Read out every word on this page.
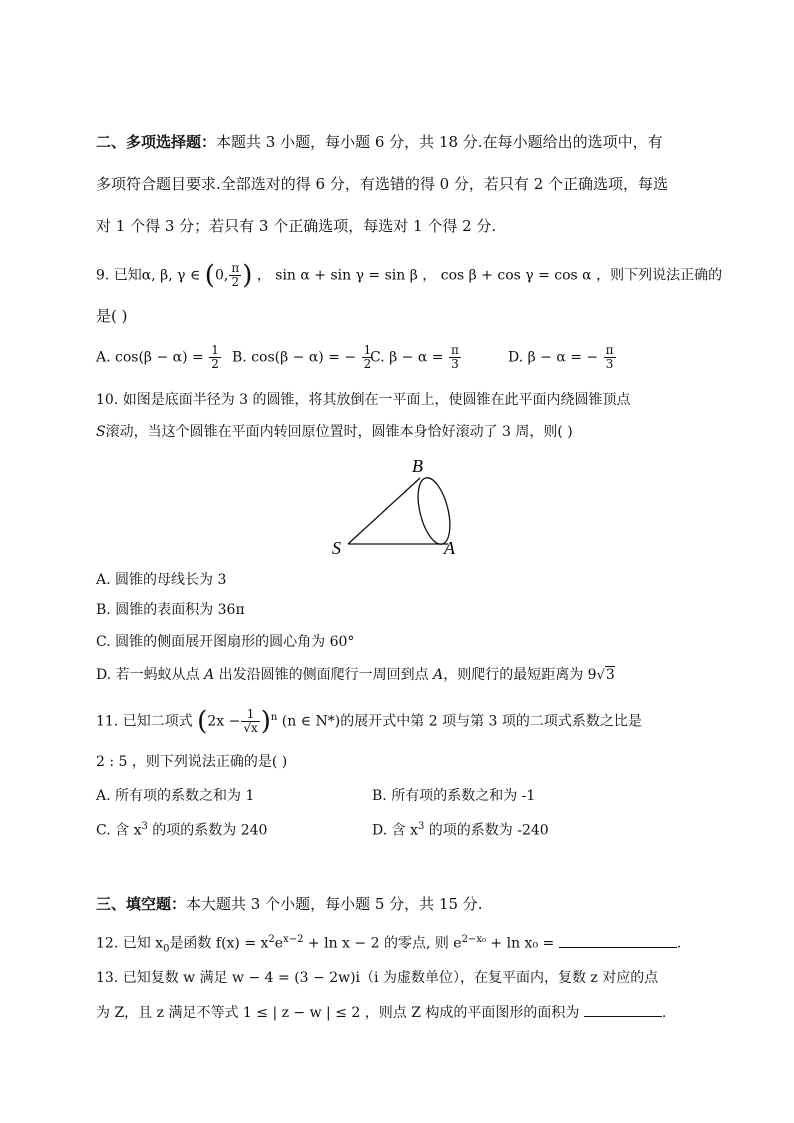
二、多项选择题：本题共 3 小题，每小题 6 分，共 18 分.在每小题给出的选项中，有
多项符合题目要求.全部选对的得 6 分，有选错的得 0 分，若只有 2 个正确选项，每选
对 1 个得 3 分；若只有 3 个正确选项，每选对 1 个得 2 分.
9. 已知α, β, γ ∈ (0, $\frac{\pi}{2}$ ) ， sin α + sin γ = sin β ， cos β + cos γ = cos α ，则下列说法正确的
是( )
A. $\cos(\beta - \alpha) = \frac{1}{2} B$. cos(β − α) = − $\frac{1}{2}$
C. $\beta - \alpha = \frac{\pi}{3}$	D. β − α = − $\frac{\pi}{3}$
10. 如图是底面半径为 3 的圆锥，将其放倒在一平面上，使圆锥在此平面内绕圆锥顶点
S滚动，当这个圆锥在平面内转回原位置时，圆锥本身恰好滚动了 3 周，则( )
S	A
B
A. 圆锥的母线长为 3
B. 圆锥的表面积为 36π
C. 圆锥的侧面展开图扇形的圆心角为 60°
D. 若一蚂蚁从点 A 出发沿圆锥的侧面爬行一周回到点 A，则爬行的最短距离为 9√3
11. 已知二项式 $(2x - \frac{1}{√x} )^n$ (n ∈ N*)的展开式中第 2 项与第 3 项的二项式系数之比是
2 : 5 ，则下列说法正确的是( )
A. 所有项的系数之和为 1	B. 所有项的系数之和为 -1
C. 含 $x^3$ 的项的系数为 240	D. 含 $x^3$ 的项的系数为 -240
三、填空题：本大题共 3 个小题，每小题 5 分，共 15 分.
12. 已知 $x_0$是函数 $f(x) = x^2e^{x-2} + \ln x - 2$ 的零点, 则 $e^{2-x_0} + \ln x_0$ =	.
13. 已知复数 w 满足 w − 4 = (3 − 2w)i（i 为虚数单位），在复平面内，复数 z 对应的点
为 Z，且 z 满足不等式 1 ≤ | z − w | ≤ 2 ，则点 Z 构成的平面图形的面积为	.
